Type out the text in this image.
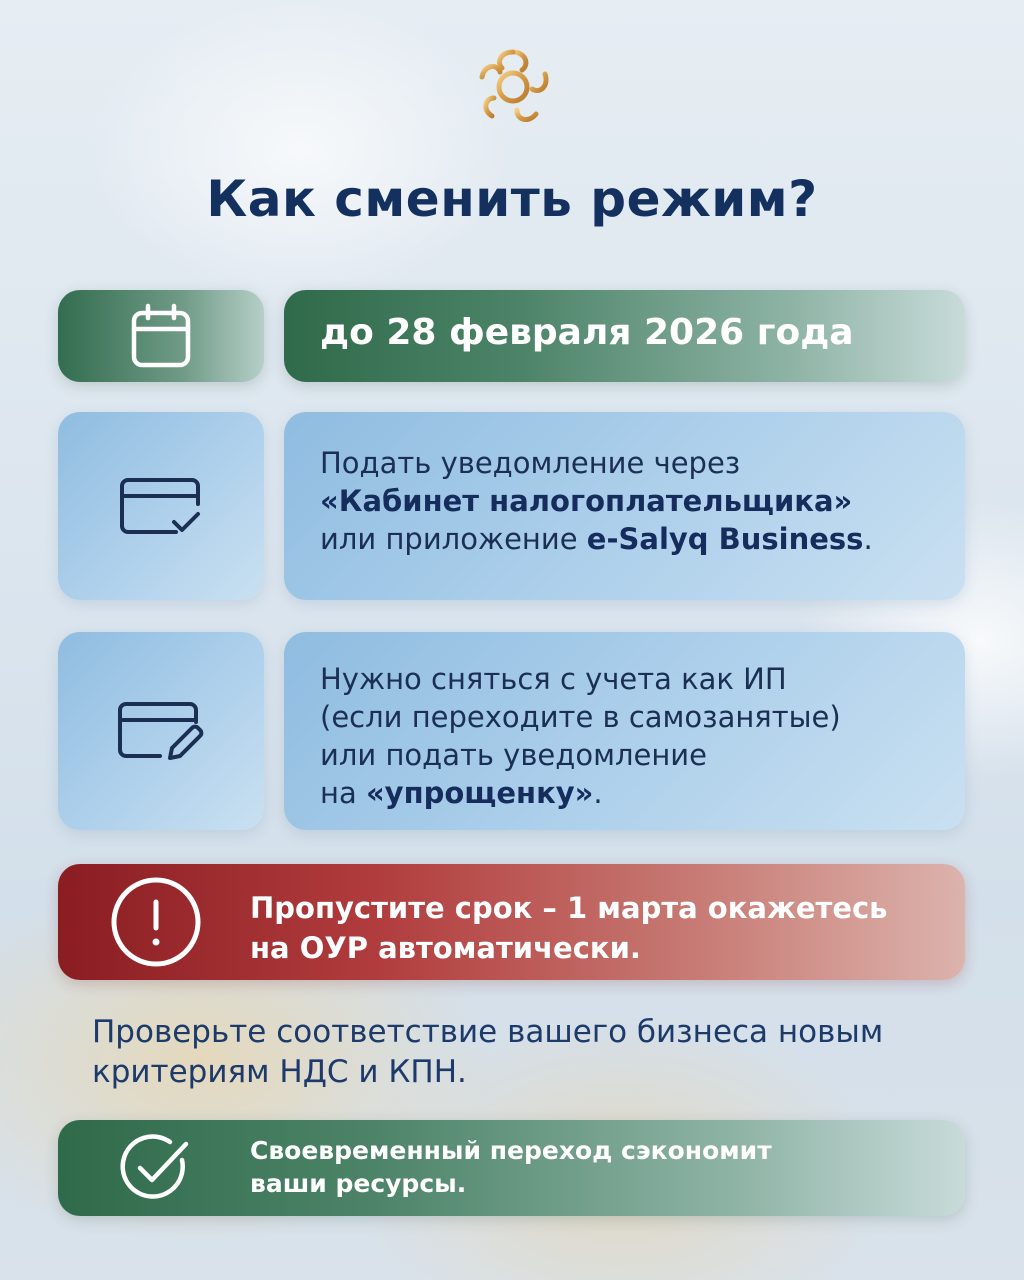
Как сменить режим?
до 28 февраля 2026 года
Подать уведомление через
«Кабинет налогоплательщика»
или приложение e-Salyq Business.
Нужно сняться с учета как ИП
(если переходите в самозанятые)
или подать уведомление
на «упрощенку».
Пропустите срок – 1 марта окажетесь
на ОУР автоматически.
Проверьте соответствие вашего бизнеса новым
критериям НДС и КПН.
Своевременный переход сэкономит
ваши ресурсы.
